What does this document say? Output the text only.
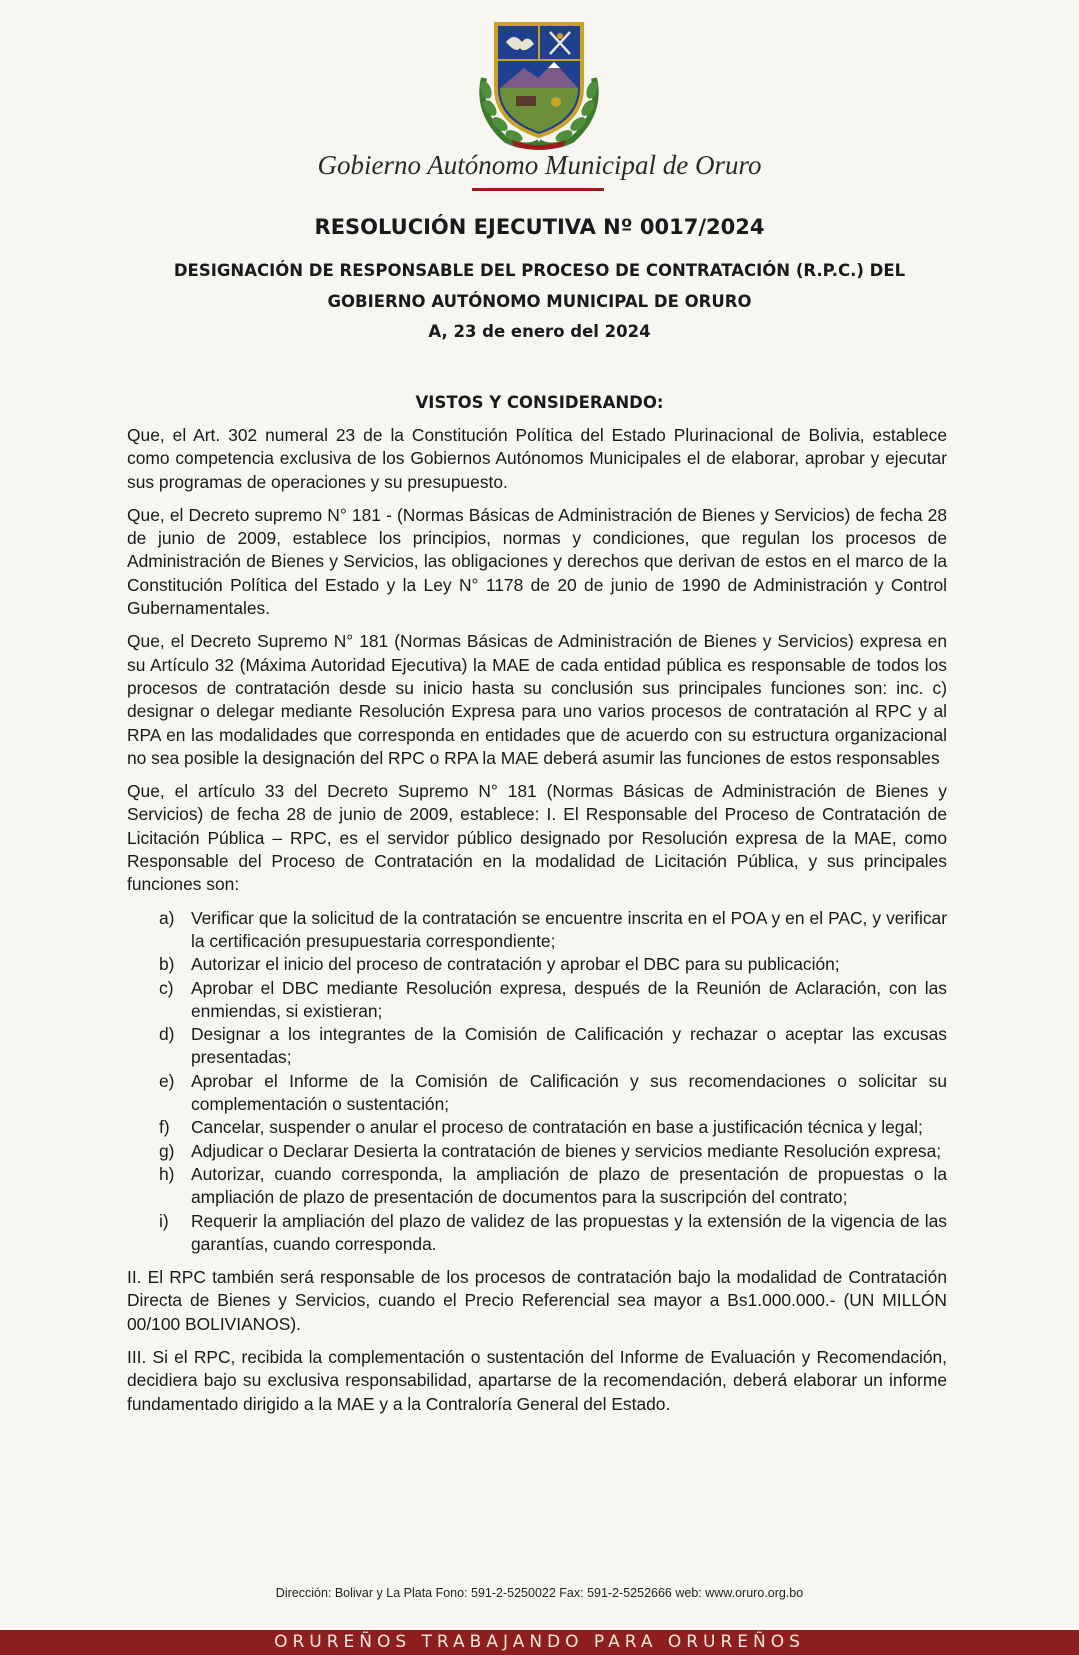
Gobierno Autónomo Municipal de Oruro
RESOLUCIÓN EJECUTIVA Nº 0017/2024
DESIGNACIÓN DE RESPONSABLE DEL PROCESO DE CONTRATACIÓN (R.P.C.) DEL
GOBIERNO AUTÓNOMO MUNICIPAL DE ORURO
A, 23 de enero del 2024
VISTOS Y CONSIDERANDO:

Que, el Art. 302 numeral 23 de la Constitución Política del Estado Plurinacional de Bolivia, establece como competencia exclusiva de los Gobiernos Autónomos Municipales el de elaborar, aprobar y ejecutar sus programas de operaciones y su presupuesto.

Que, el Decreto supremo N° 181 - (Normas Básicas de Administración de Bienes y Servicios) de fecha 28 de junio de 2009, establece los principios, normas y condiciones, que regulan los procesos de Administración de Bienes y Servicios, las obligaciones y derechos que derivan de estos en el marco de la Constitución Política del Estado y la Ley N° 1178 de 20 de junio de 1990 de Administración y Control Gubernamentales.

Que, el Decreto Supremo N° 181 (Normas Básicas de Administración de Bienes y Servicios) expresa en su Artículo 32 (Máxima Autoridad Ejecutiva) la MAE de cada entidad pública es responsable de todos los procesos de contratación desde su inicio hasta su conclusión sus principales funciones son: inc. c) designar o delegar mediante Resolución Expresa para uno varios procesos de contratación al RPC y al RPA en las modalidades que corresponda en entidades que de acuerdo con su estructura organizacional no sea posible la designación del RPC o RPA la MAE deberá asumir las funciones de estos responsables

Que, el artículo 33 del Decreto Supremo N° 181 (Normas Básicas de Administración de Bienes y Servicios) de fecha 28 de junio de 2009, establece: I. El Responsable del Proceso de Contratación de Licitación Pública – RPC, es el servidor público designado por Resolución expresa de la MAE, como Responsable del Proceso de Contratación en la modalidad de Licitación Pública, y sus principales funciones son:

a) Verificar que la solicitud de la contratación se encuentre inscrita en el POA y en el PAC, y verificar la certificación presupuestaria correspondiente;
b) Autorizar el inicio del proceso de contratación y aprobar el DBC para su publicación;
c) Aprobar el DBC mediante Resolución expresa, después de la Reunión de Aclaración, con las enmiendas, si existieran;
d) Designar a los integrantes de la Comisión de Calificación y rechazar o aceptar las excusas presentadas;
e) Aprobar el Informe de la Comisión de Calificación y sus recomendaciones o solicitar su complementación o sustentación;
f) Cancelar, suspender o anular el proceso de contratación en base a justificación técnica y legal;
g) Adjudicar o Declarar Desierta la contratación de bienes y servicios mediante Resolución expresa;
h) Autorizar, cuando corresponda, la ampliación de plazo de presentación de propuestas o la ampliación de plazo de presentación de documentos para la suscripción del contrato;
i) Requerir la ampliación del plazo de validez de las propuestas y la extensión de la vigencia de las garantías, cuando corresponda.

II. El RPC también será responsable de los procesos de contratación bajo la modalidad de Contratación Directa de Bienes y Servicios, cuando el Precio Referencial sea mayor a Bs1.000.000.- (UN MILLÓN 00/100 BOLIVIANOS).

III. Si el RPC, recibida la complementación o sustentación del Informe de Evaluación y Recomendación, decidiera bajo su exclusiva responsabilidad, apartarse de la recomendación, deberá elaborar un informe fundamentado dirigido a la MAE y a la Contraloría General del Estado.

Dirección: Bolivar y La Plata Fono: 591-2-5250022 Fax: 591-2-5252666 web: www.oruro.org.bo
ORUREÑOS TRABAJANDO PARA ORUREÑOS
